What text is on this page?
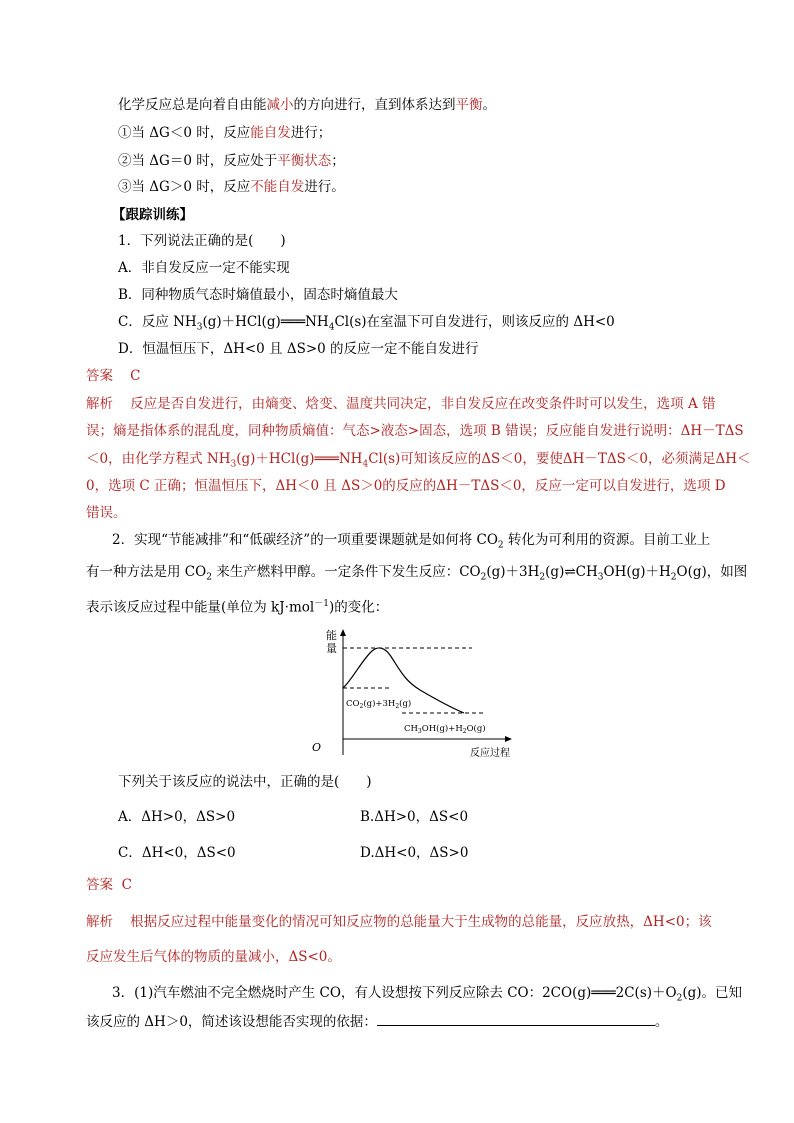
化学反应总是向着自由能减小的方向进行，直到体系达到平衡。
①当 ΔG＜0 时，反应能自发进行；
②当 ΔG＝0 时，反应处于平衡状态；
③当 ΔG＞0 时，反应不能自发进行。
【跟踪训练】
1．下列说法正确的是(　　)
A．非自发反应一定不能实现
B．同种物质气态时熵值最小，固态时熵值最大
C．反应 $NH_3(g)+HCl(g)═══NH_4Cl(s)$在室温下可自发进行，则该反应的 ΔH<0
D．恒温恒压下，ΔH<0 且 ΔS>0 的反应一定不能自发进行
答案 C
解析 反应是否自发进行，由熵变、焓变、温度共同决定，非自发反应在改变条件时可以发生，选项 A 错
误；熵是指体系的混乱度，同种物质熵值：气态>液态>固态，选项 B 错误；反应能自发进行说明：ΔH－TΔS
＜0，由化学方程式 $NH_3(g)+HCl(g)═══NH_4Cl(s)$可知该反应的ΔS＜0，要使ΔH－TΔS＜0，必须满足ΔH＜
0，选项 C 正确；恒温恒压下，ΔH＜0 且 ΔS＞0的反应的ΔH－TΔS＜0，反应一定可以自发进行，选项 D
错误。
2．实现“节能减排”和“低碳经济”的一项重要课题就是如何将 $CO_2$ 转化为可利用的资源。目前工业上
有一种方法是用 $CO_2$ 来生产燃料甲醇。一定条件下发生反应：$CO_2(g)+3H_2(g)\rightleftharpoons CH_3OH(g)+H_2O(g)$，如图
表示该反应过程中能量(单位为 kJ·mol$^{-1}$)的变化：
能
量
O
$CO_2(g)+3H_2(g)$
$CH_3OH(g)+H_2O(g)$
反应过程
下列关于该反应的说法中，正确的是(　　)
A．ΔH>0，ΔS>0	B.ΔH>0，ΔS<0
C．ΔH<0，ΔS<0	D.ΔH<0，ΔS>0
答案 C
解析 根据反应过程中能量变化的情况可知反应物的总能量大于生成物的总能量，反应放热，ΔH<0；该
反应发生后气体的物质的量减小，ΔS<0。
3．(1)汽车燃油不完全燃烧时产生 CO，有人设想按下列反应除去 CO：$2CO(g)═══2C(s)+O_2(g)$。已知
该反应的 ΔH＞0，简述该设想能否实现的依据：	。
